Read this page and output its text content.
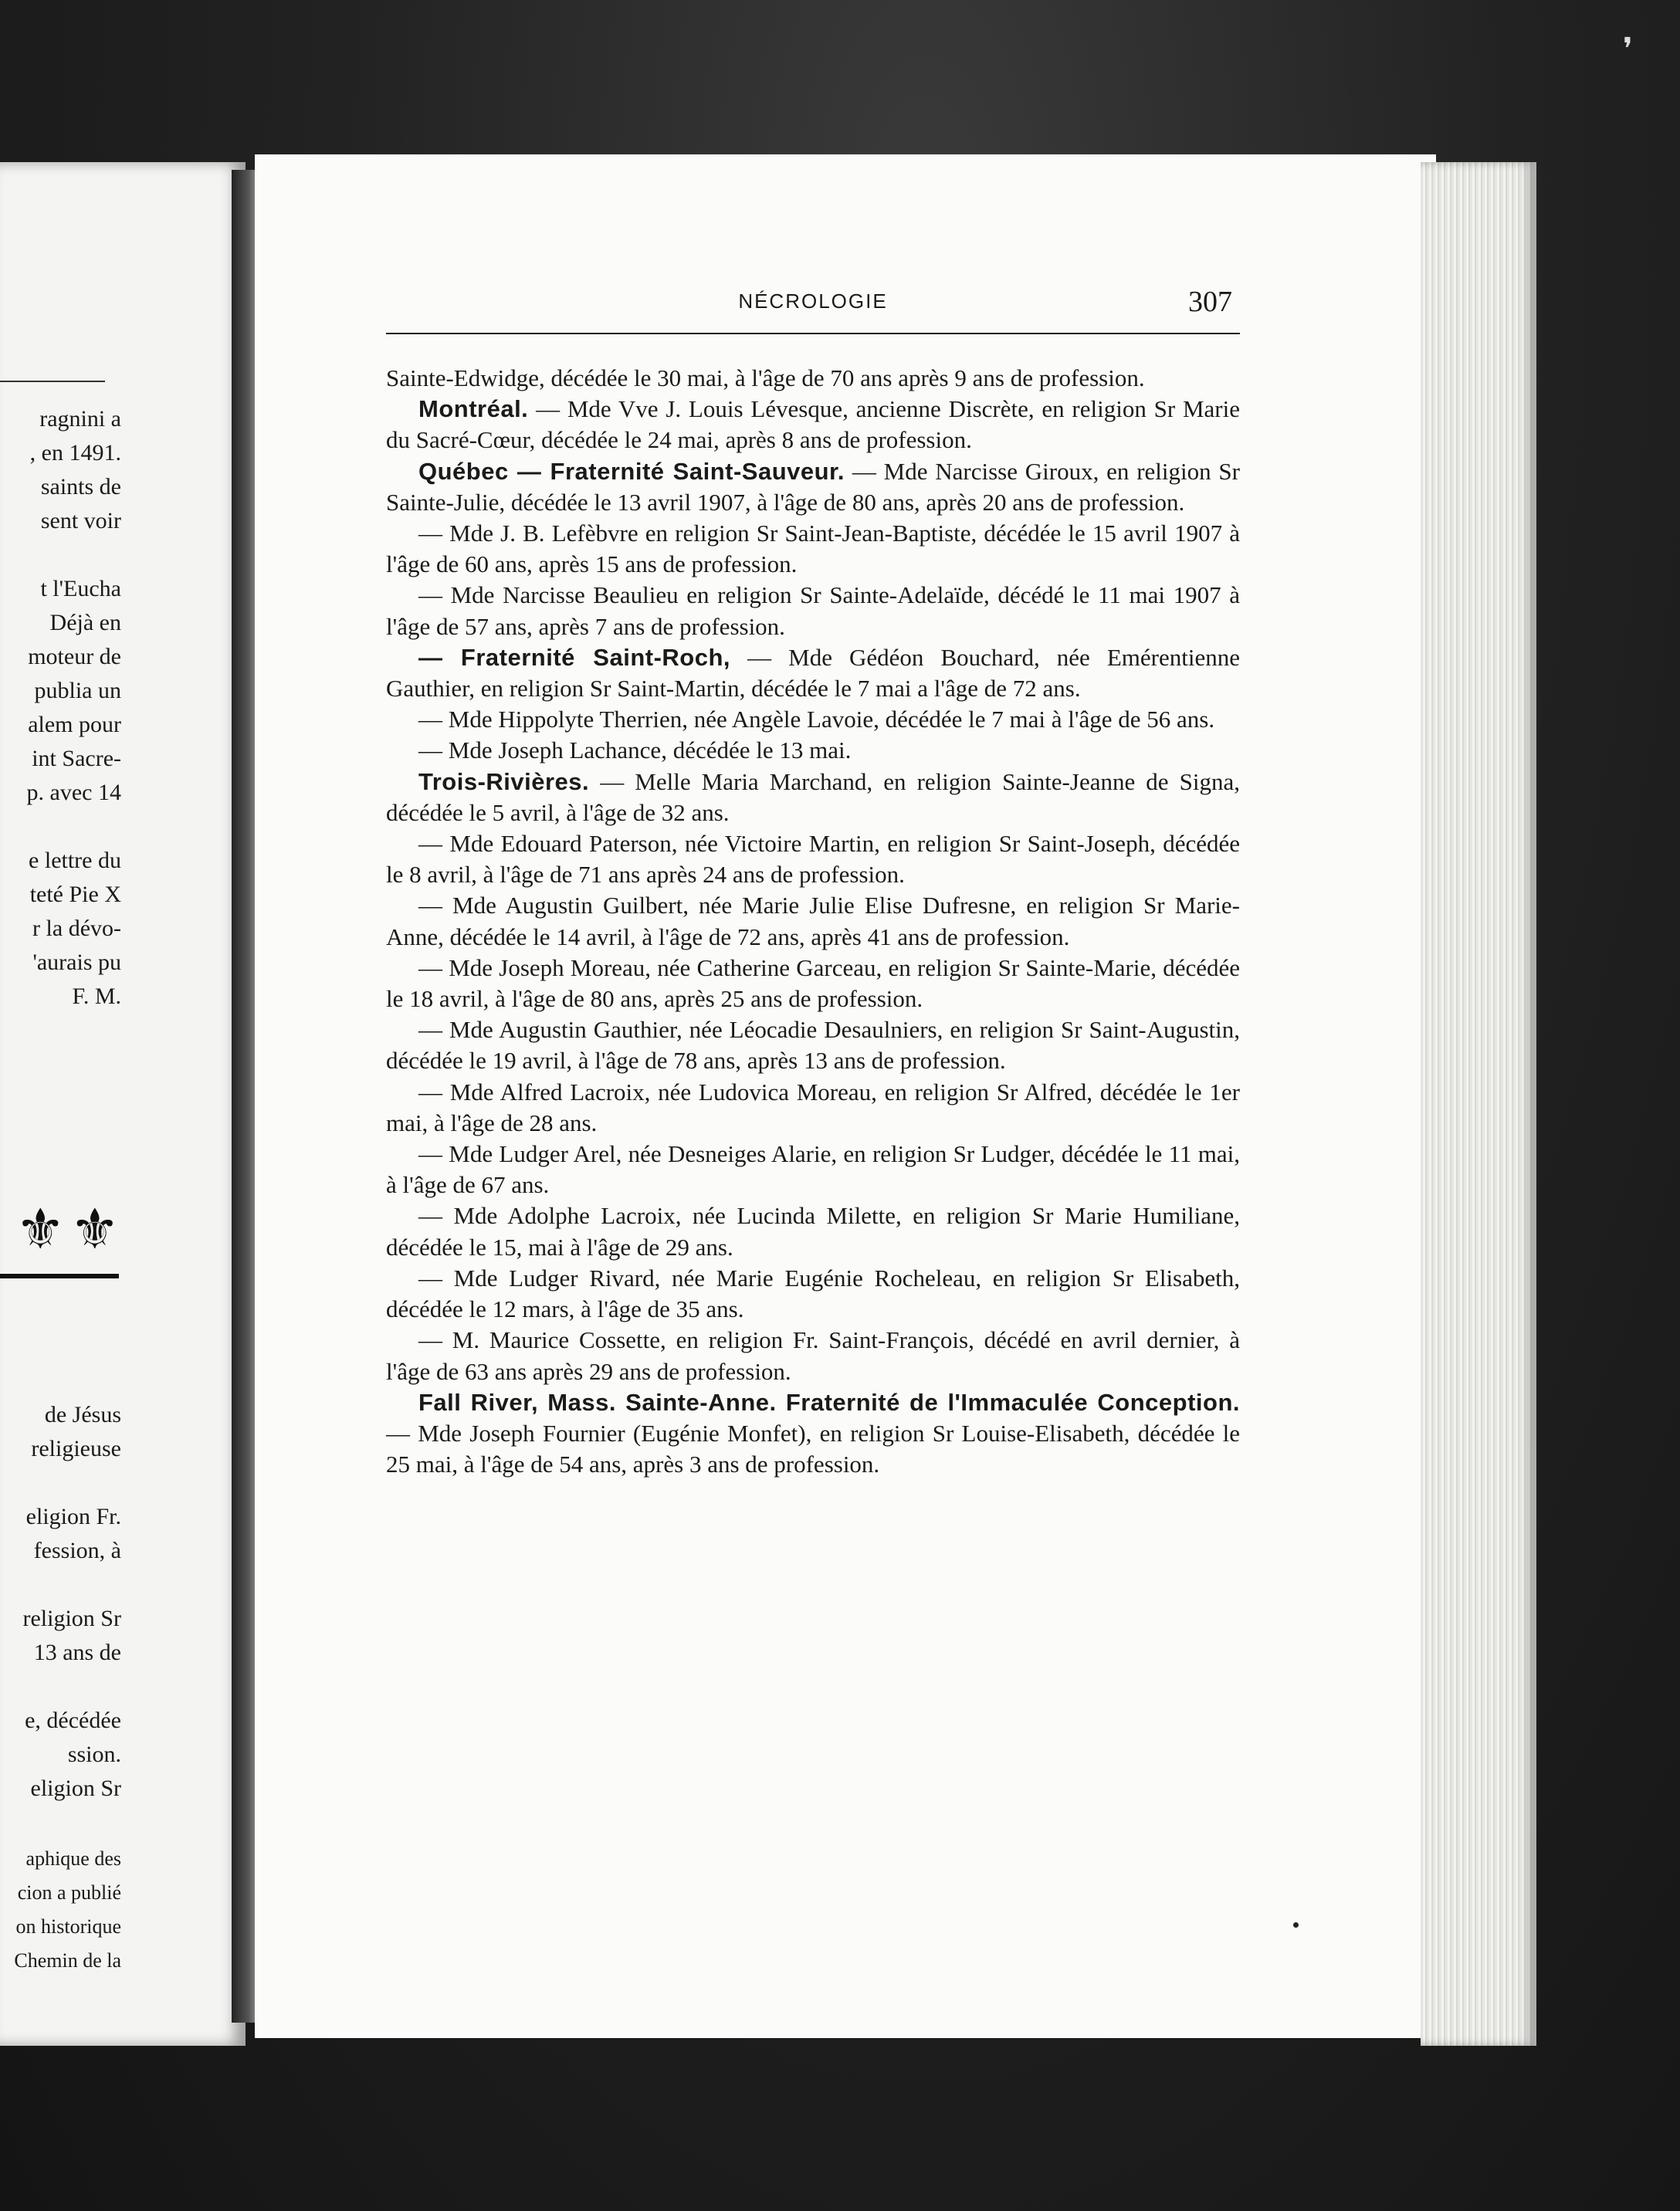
❜
ragnini a
, en 1491.
saints de
sent voir
t l'Eucha
Déjà en
moteur de
publia un
alem pour
int Sacre-
p. avec 14
e lettre du
teté Pie X
r la dévo-
'aurais pu
F. M.
⚜⚜
de Jésus
religieuse
eligion Fr.
fession, à
religion Sr
13 ans de
e, décédée
ssion.
eligion Sr
aphique des
cion a publié
on historique
Chemin de la
NÉCROLOGIE	307

Sainte-Edwidge, décédée le 30 mai, à l'âge de 70 ans après 9 ans de profession.

Montréal. — Mde Vve J. Louis Lévesque, ancienne Discrète, en religion Sr Marie du Sacré-Cœur, décédée le 24 mai, après 8 ans de profession.

Québec — Fraternité Saint-Sauveur. — Mde Narcisse Giroux, en religion Sr Sainte-Julie, décédée le 13 avril 1907, à l'âge de 80 ans, après 20 ans de profession.

— Mde J. B. Lefèbvre en religion Sr Saint-Jean-Baptiste, décédée le 15 avril 1907 à l'âge de 60 ans, après 15 ans de profession.

— Mde Narcisse Beaulieu en religion Sr Sainte-Adelaïde, décédé le 11 mai 1907 à l'âge de 57 ans, après 7 ans de profession.

— Fraternité Saint-Roch, — Mde Gédéon Bouchard, née Emérentienne Gauthier, en religion Sr Saint-Martin, décédée le 7 mai a l'âge de 72 ans.

— Mde Hippolyte Therrien, née Angèle Lavoie, décédée le 7 mai à l'âge de 56 ans.

— Mde Joseph Lachance, décédée le 13 mai.

Trois-Rivières. — Melle Maria Marchand, en religion Sainte-Jeanne de Signa, décédée le 5 avril, à l'âge de 32 ans.

— Mde Edouard Paterson, née Victoire Martin, en religion Sr Saint-Joseph, décédée le 8 avril, à l'âge de 71 ans après 24 ans de profession.

— Mde Augustin Guilbert, née Marie Julie Elise Dufresne, en religion Sr Marie-Anne, décédée le 14 avril, à l'âge de 72 ans, après 41 ans de profession.

— Mde Joseph Moreau, née Catherine Garceau, en religion Sr Sainte-Marie, décédée le 18 avril, à l'âge de 80 ans, après 25 ans de profession.

— Mde Augustin Gauthier, née Léocadie Desaulniers, en religion Sr Saint-Augustin, décédée le 19 avril, à l'âge de 78 ans, après 13 ans de profession.

— Mde Alfred Lacroix, née Ludovica Moreau, en religion Sr Alfred, décédée le 1er mai, à l'âge de 28 ans.

— Mde Ludger Arel, née Desneiges Alarie, en religion Sr Ludger, décédée le 11 mai, à l'âge de 67 ans.

— Mde Adolphe Lacroix, née Lucinda Milette, en religion Sr Marie Humiliane, décédée le 15, mai à l'âge de 29 ans.

— Mde Ludger Rivard, née Marie Eugénie Rocheleau, en religion Sr Elisabeth, décédée le 12 mars, à l'âge de 35 ans.

— M. Maurice Cossette, en religion Fr. Saint-François, décédé en avril dernier, à l'âge de 63 ans après 29 ans de profession.

Fall River, Mass. Sainte-Anne. Fraternité de l'Immaculée Conception. — Mde Joseph Fournier (Eugénie Monfet), en religion Sr Louise-Elisabeth, décédée le 25 mai, à l'âge de 54 ans, après 3 ans de profession.
